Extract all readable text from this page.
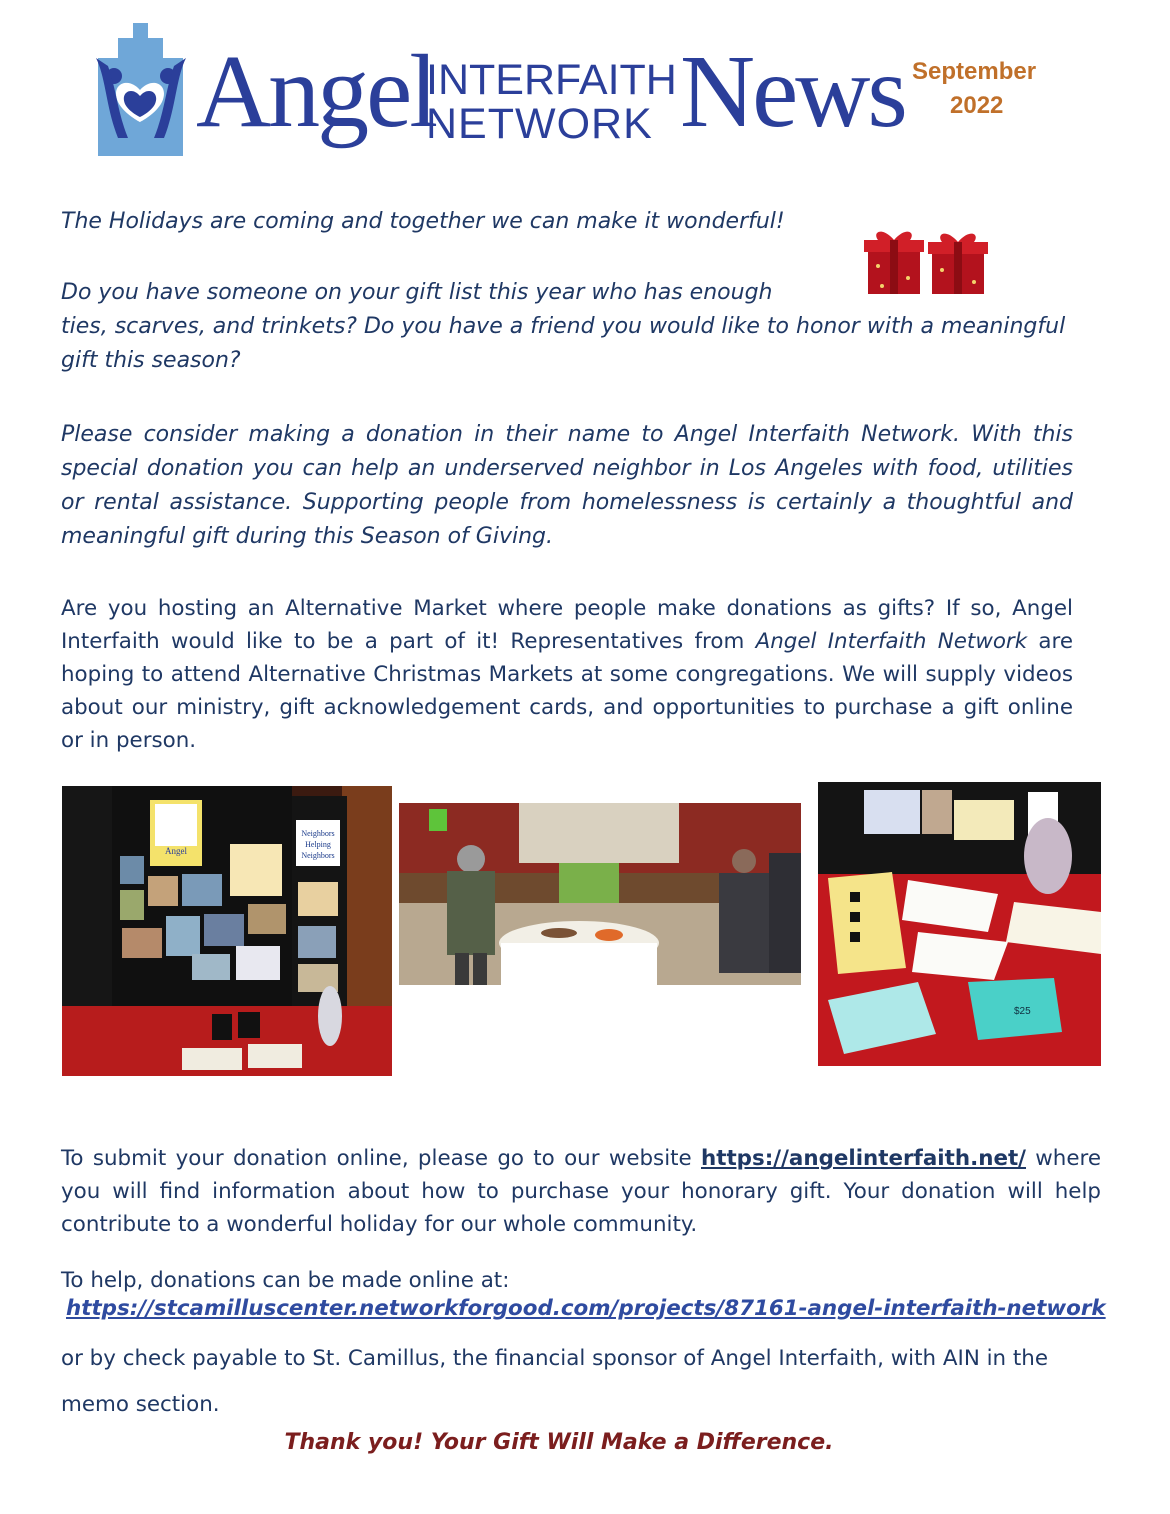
Angel
INTERFAITH
NETWORK News September
2022
The Holidays are coming and together we can make it wonderful!
Do you have someone on your gift list this year who has enough
ties, scarves, and trinkets? Do you have a friend you would like to honor with a meaningful gift this season?
Please consider making a donation in their name to Angel Interfaith Network. With this special donation you can help an underserved neighbor in Los Angeles with food, utilities or rental assistance. Supporting people from homelessness is certainly a thoughtful and meaningful gift during this Season of Giving.
Are you hosting an Alternative Market where people make donations as gifts? If so, Angel Interfaith would like to be a part of it! Representatives from Angel Interfaith Network are hoping to attend Alternative Christmas Markets at some congregations. We will supply videos about our ministry, gift acknowledgement cards, and opportunities to purchase a gift online or in person.
Angel
Neighbors
Helping
Neighbors
$25
To submit your donation online, please go to our website https://angelinterfaith.net/ where you will find information about how to purchase your honorary gift. Your donation will help contribute to a wonderful holiday for our whole community.
To help, donations can be made online at:
https://stcamilluscenter.networkforgood.com/projects/87161-angel-interfaith-network
or by check payable to St. Camillus, the financial sponsor of Angel Interfaith, with AIN in the
memo section.
Thank you! Your Gift Will Make a Difference.
